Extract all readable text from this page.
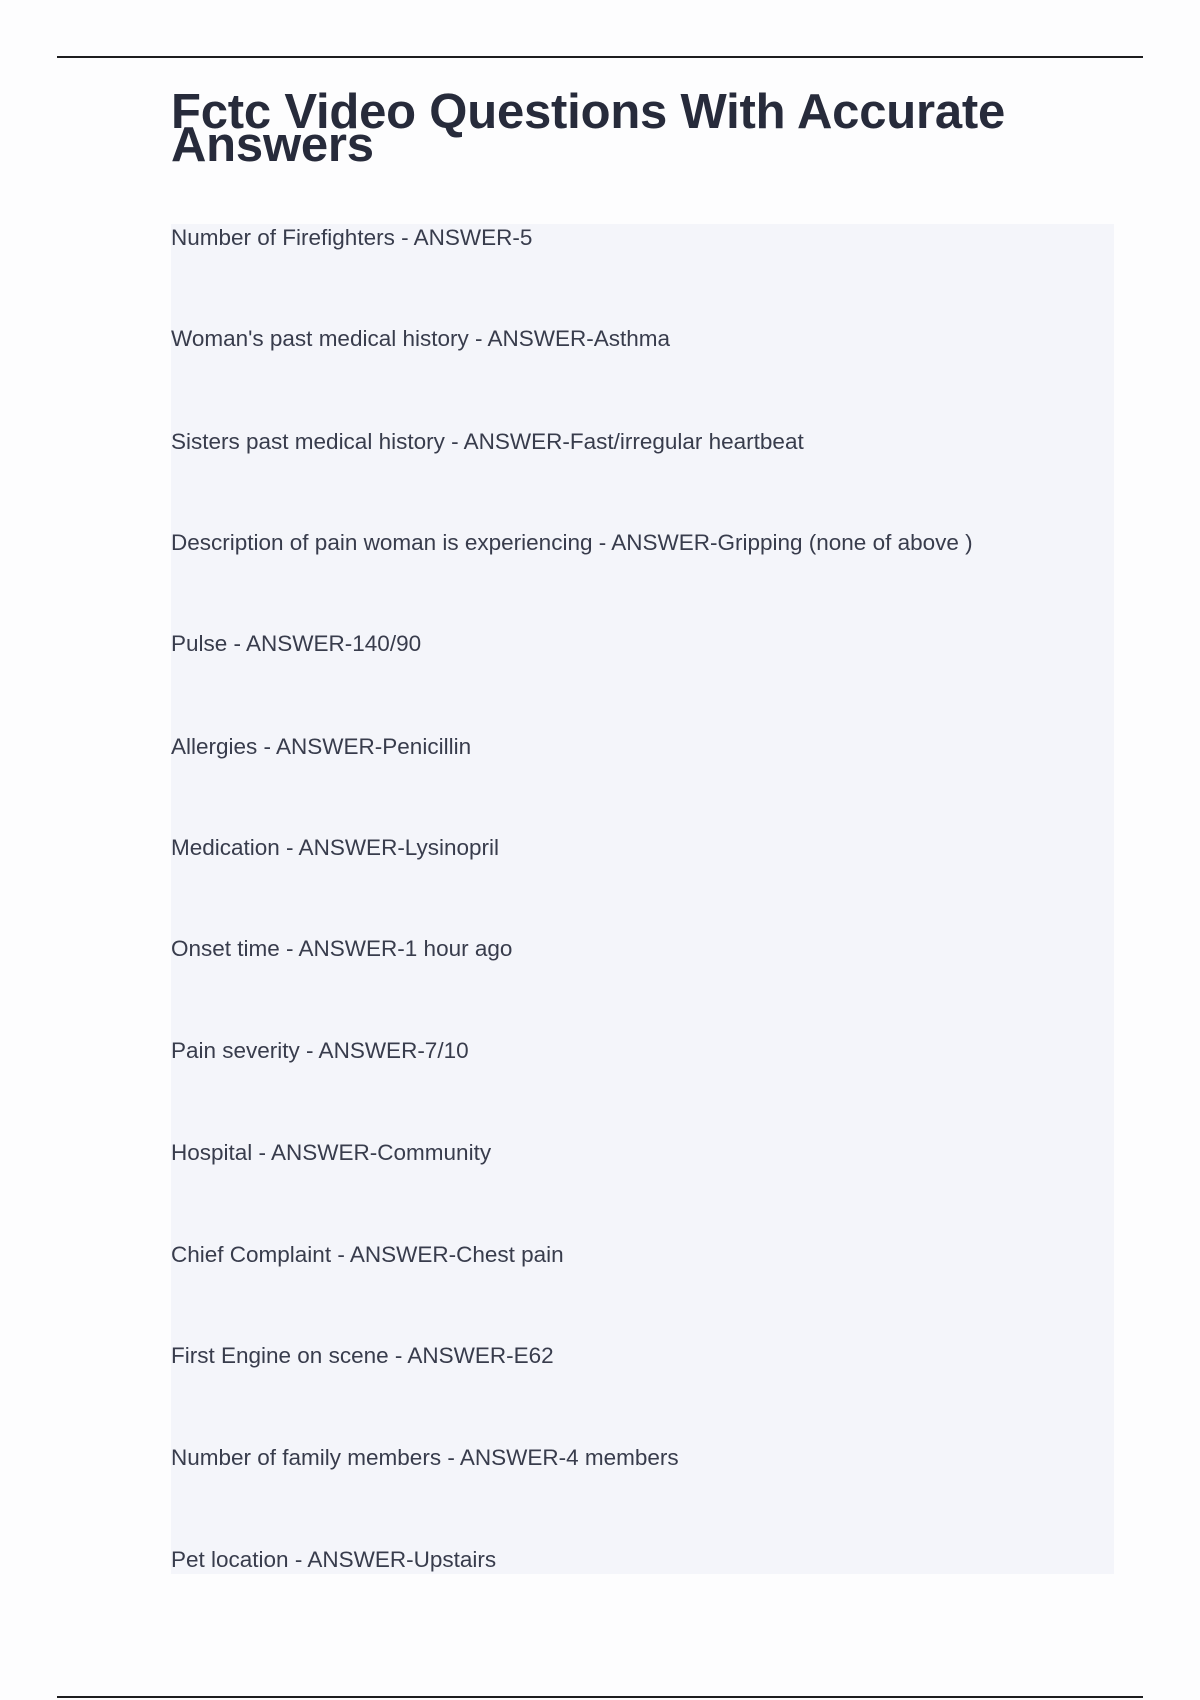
Fctc Video Questions With Accurate Answers
Number of Firefighters - ANSWER-5
Woman's past medical history - ANSWER-Asthma
Sisters past medical history - ANSWER-Fast/irregular heartbeat
Description of pain woman is experiencing - ANSWER-Gripping (none of above )
Pulse - ANSWER-140/90
Allergies - ANSWER-Penicillin
Medication - ANSWER-Lysinopril
Onset time - ANSWER-1 hour ago
Pain severity - ANSWER-7/10
Hospital - ANSWER-Community
Chief Complaint - ANSWER-Chest pain
First Engine on scene - ANSWER-E62
Number of family members - ANSWER-4 members
Pet location - ANSWER-Upstairs
